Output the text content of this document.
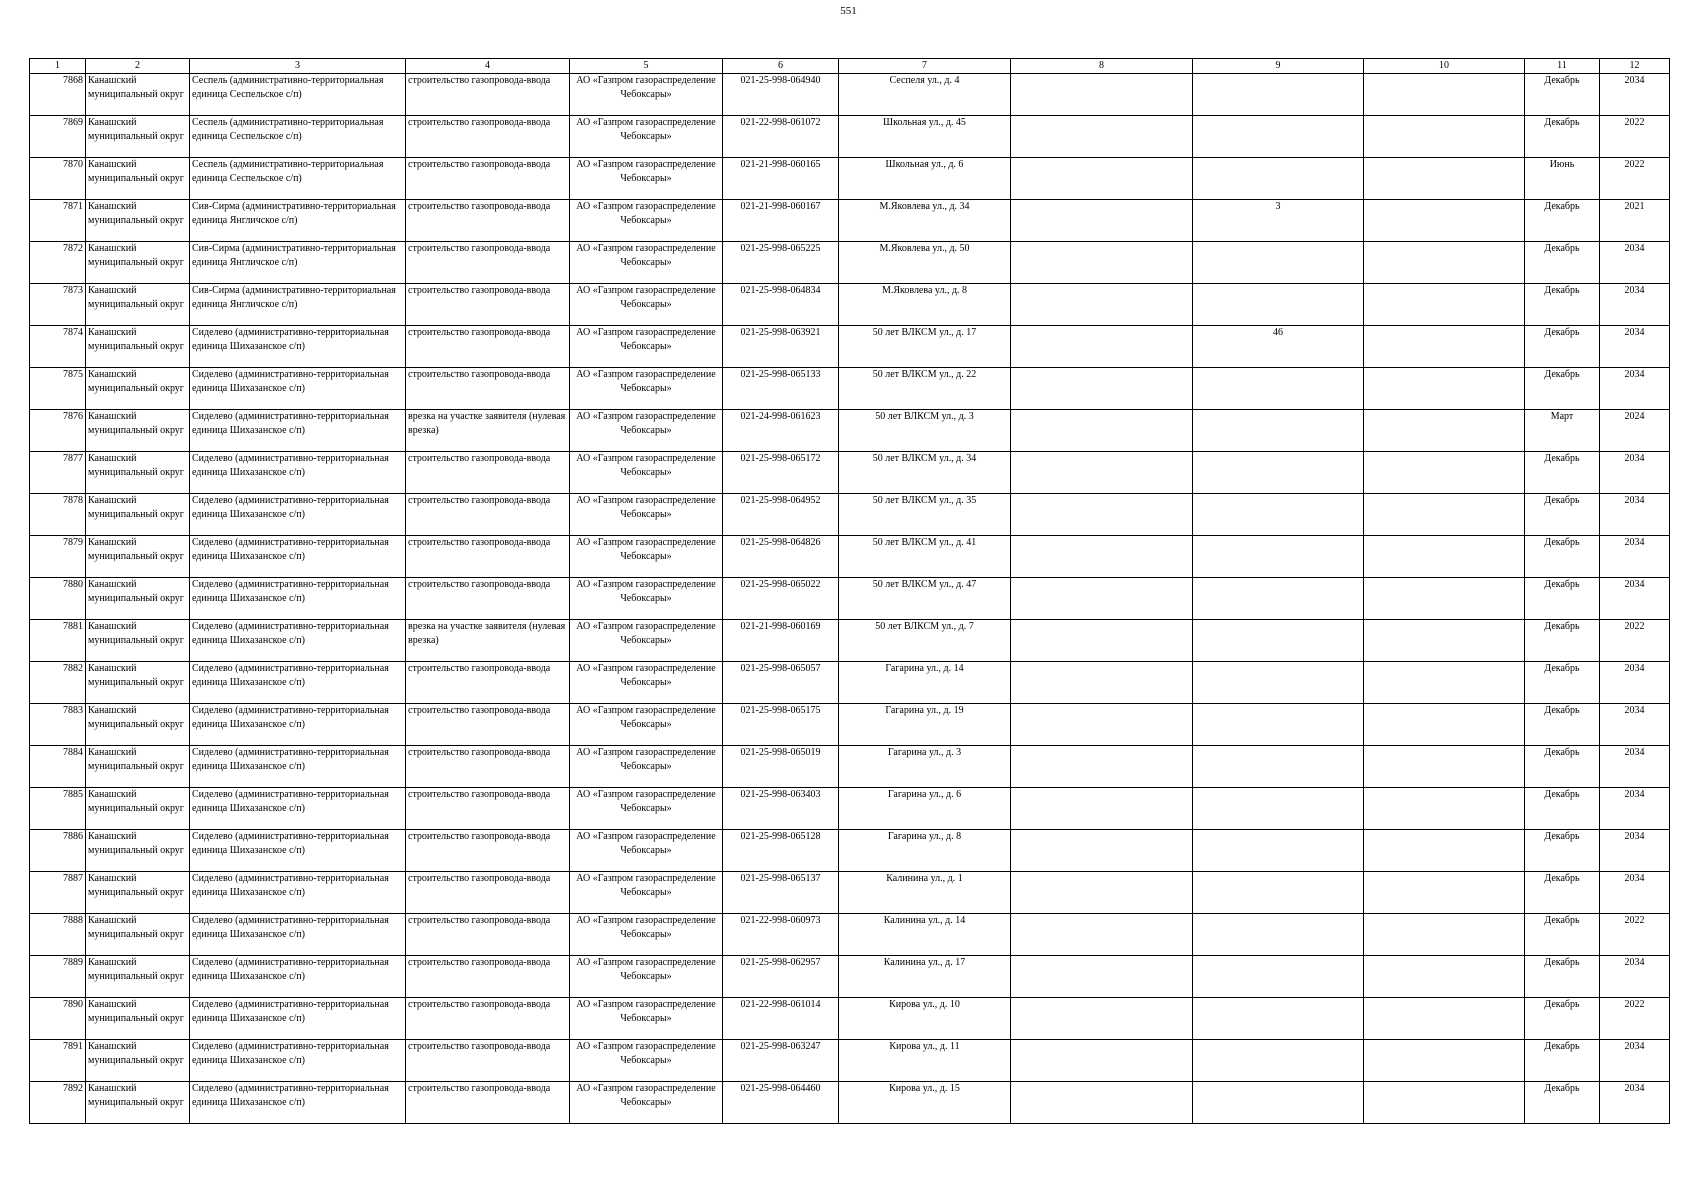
551
1	2	3	4	5	6	7	8	9	10	11	12
7868	Канашский муниципальный округ	Сеспель (административно-территориальная единица Сеспельское с/п)	строительство газопровода-ввода	АО «Газпром газораспределение Чебоксары»	021-25-998-064940	Сеспеля ул., д. 4				Декабрь	2034
7869	Канашский муниципальный округ	Сеспель (административно-территориальная единица Сеспельское с/п)	строительство газопровода-ввода	АО «Газпром газораспределение Чебоксары»	021-22-998-061072	Школьная ул., д. 45				Декабрь	2022
7870	Канашский муниципальный округ	Сеспель (административно-территориальная единица Сеспельское с/п)	строительство газопровода-ввода	АО «Газпром газораспределение Чебоксары»	021-21-998-060165	Школьная ул., д. 6				Июнь	2022
7871	Канашский муниципальный округ	Сив-Сирма (административно-территориальная единица Янгличское с/п)	строительство газопровода-ввода	АО «Газпром газораспределение Чебоксары»	021-21-998-060167	М.Яковлева ул., д. 34		3		Декабрь	2021
7872	Канашский муниципальный округ	Сив-Сирма (административно-территориальная единица Янгличское с/п)	строительство газопровода-ввода	АО «Газпром газораспределение Чебоксары»	021-25-998-065225	М.Яковлева ул., д. 50				Декабрь	2034
7873	Канашский муниципальный округ	Сив-Сирма (административно-территориальная единица Янгличское с/п)	строительство газопровода-ввода	АО «Газпром газораспределение Чебоксары»	021-25-998-064834	М.Яковлева ул., д. 8				Декабрь	2034
7874	Канашский муниципальный округ	Сиделево (административно-территориальная единица Шихазанское с/п)	строительство газопровода-ввода	АО «Газпром газораспределение Чебоксары»	021-25-998-063921	50 лет ВЛКСМ ул., д. 17		46		Декабрь	2034
7875	Канашский муниципальный округ	Сиделево (административно-территориальная единица Шихазанское с/п)	строительство газопровода-ввода	АО «Газпром газораспределение Чебоксары»	021-25-998-065133	50 лет ВЛКСМ ул., д. 22				Декабрь	2034
7876	Канашский муниципальный округ	Сиделево (административно-территориальная единица Шихазанское с/п)	врезка на участке заявителя (нулевая врезка)	АО «Газпром газораспределение Чебоксары»	021-24-998-061623	50 лет ВЛКСМ ул., д. 3				Март	2024
7877	Канашский муниципальный округ	Сиделево (административно-территориальная единица Шихазанское с/п)	строительство газопровода-ввода	АО «Газпром газораспределение Чебоксары»	021-25-998-065172	50 лет ВЛКСМ ул., д. 34				Декабрь	2034
7878	Канашский муниципальный округ	Сиделево (административно-территориальная единица Шихазанское с/п)	строительство газопровода-ввода	АО «Газпром газораспределение Чебоксары»	021-25-998-064952	50 лет ВЛКСМ ул., д. 35				Декабрь	2034
7879	Канашский муниципальный округ	Сиделево (административно-территориальная единица Шихазанское с/п)	строительство газопровода-ввода	АО «Газпром газораспределение Чебоксары»	021-25-998-064826	50 лет ВЛКСМ ул., д. 41				Декабрь	2034
7880	Канашский муниципальный округ	Сиделево (административно-территориальная единица Шихазанское с/п)	строительство газопровода-ввода	АО «Газпром газораспределение Чебоксары»	021-25-998-065022	50 лет ВЛКСМ ул., д. 47				Декабрь	2034
7881	Канашский муниципальный округ	Сиделево (административно-территориальная единица Шихазанское с/п)	врезка на участке заявителя (нулевая врезка)	АО «Газпром газораспределение Чебоксары»	021-21-998-060169	50 лет ВЛКСМ ул., д. 7				Декабрь	2022
7882	Канашский муниципальный округ	Сиделево (административно-территориальная единица Шихазанское с/п)	строительство газопровода-ввода	АО «Газпром газораспределение Чебоксары»	021-25-998-065057	Гагарина ул., д. 14				Декабрь	2034
7883	Канашский муниципальный округ	Сиделево (административно-территориальная единица Шихазанское с/п)	строительство газопровода-ввода	АО «Газпром газораспределение Чебоксары»	021-25-998-065175	Гагарина ул., д. 19				Декабрь	2034
7884	Канашский муниципальный округ	Сиделево (административно-территориальная единица Шихазанское с/п)	строительство газопровода-ввода	АО «Газпром газораспределение Чебоксары»	021-25-998-065019	Гагарина ул., д. 3				Декабрь	2034
7885	Канашский муниципальный округ	Сиделево (административно-территориальная единица Шихазанское с/п)	строительство газопровода-ввода	АО «Газпром газораспределение Чебоксары»	021-25-998-063403	Гагарина ул., д. 6				Декабрь	2034
7886	Канашский муниципальный округ	Сиделево (административно-территориальная единица Шихазанское с/п)	строительство газопровода-ввода	АО «Газпром газораспределение Чебоксары»	021-25-998-065128	Гагарина ул., д. 8				Декабрь	2034
7887	Канашский муниципальный округ	Сиделево (административно-территориальная единица Шихазанское с/п)	строительство газопровода-ввода	АО «Газпром газораспределение Чебоксары»	021-25-998-065137	Калинина ул., д. 1				Декабрь	2034
7888	Канашский муниципальный округ	Сиделево (административно-территориальная единица Шихазанское с/п)	строительство газопровода-ввода	АО «Газпром газораспределение Чебоксары»	021-22-998-060973	Калинина ул., д. 14				Декабрь	2022
7889	Канашский муниципальный округ	Сиделево (административно-территориальная единица Шихазанское с/п)	строительство газопровода-ввода	АО «Газпром газораспределение Чебоксары»	021-25-998-062957	Калинина ул., д. 17				Декабрь	2034
7890	Канашский муниципальный округ	Сиделево (административно-территориальная единица Шихазанское с/п)	строительство газопровода-ввода	АО «Газпром газораспределение Чебоксары»	021-22-998-061014	Кирова ул., д. 10				Декабрь	2022
7891	Канашский муниципальный округ	Сиделево (административно-территориальная единица Шихазанское с/п)	строительство газопровода-ввода	АО «Газпром газораспределение Чебоксары»	021-25-998-063247	Кирова ул., д. 11				Декабрь	2034
7892	Канашский муниципальный округ	Сиделево (административно-территориальная единица Шихазанское с/п)	строительство газопровода-ввода	АО «Газпром газораспределение Чебоксары»	021-25-998-064460	Кирова ул., д. 15				Декабрь	2034
